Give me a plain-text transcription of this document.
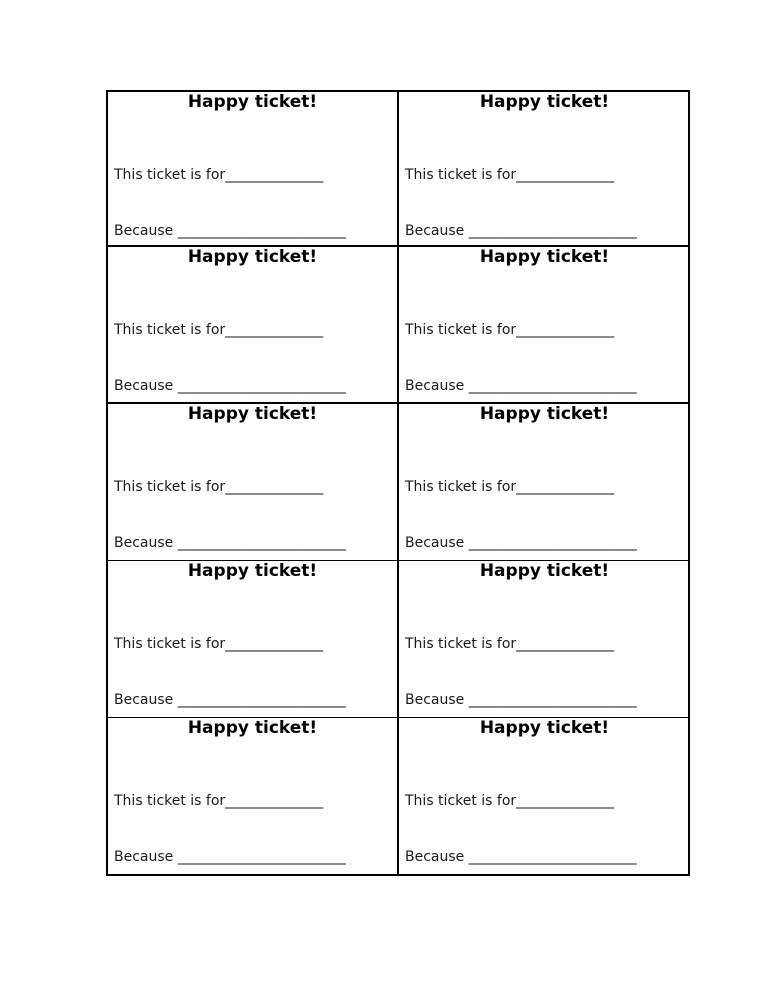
Happy ticket!

This ticket is for______________

Because ________________________

Happy ticket!

This ticket is for______________

Because ________________________

Happy ticket!

This ticket is for______________

Because ________________________

Happy ticket!

This ticket is for______________

Because ________________________

Happy ticket!

This ticket is for______________

Because ________________________

Happy ticket!

This ticket is for______________

Because ________________________

Happy ticket!

This ticket is for______________

Because ________________________

Happy ticket!

This ticket is for______________

Because ________________________

Happy ticket!

This ticket is for______________

Because ________________________

Happy ticket!

This ticket is for______________

Because ________________________
